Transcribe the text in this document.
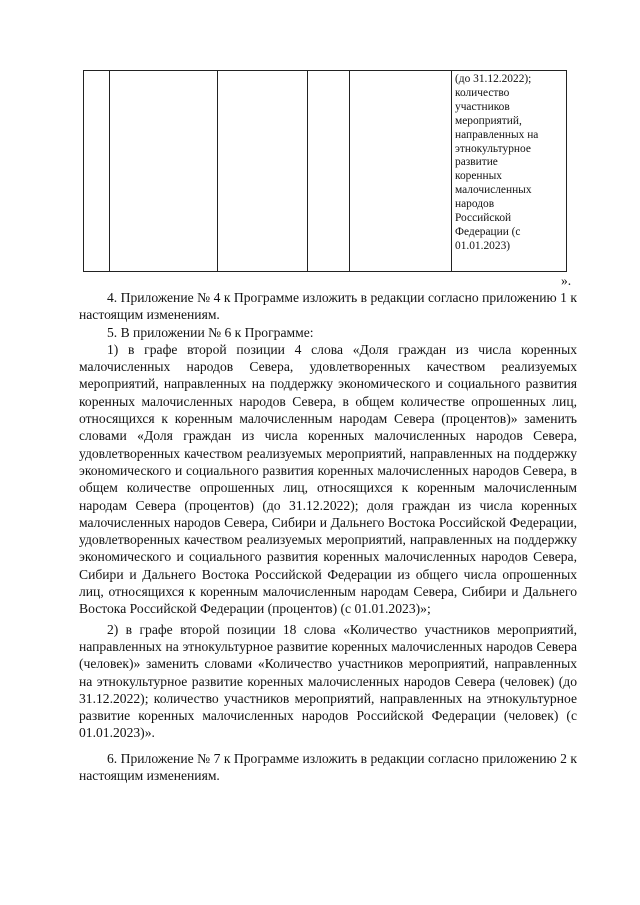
(до 31.12.2022);
количество
участников
мероприятий,
направленных на
этнокультурное
развитие
коренных
малочисленных
народов
Российской
Федерации (с
01.01.2023)
».

4. Приложение № 4 к Программе изложить в редакции согласно приложению 1 к настоящим изменениям.

5. В приложении № 6 к Программе:

1) в графе второй позиции 4 слова «Доля граждан из числа коренных малочисленных народов Севера, удовлетворенных качеством реализуемых мероприятий, направленных на поддержку экономического и социального развития коренных малочисленных народов Севера, в общем количестве опрошенных лиц, относящихся к коренным малочисленным народам Севера (процентов)» заменить словами «Доля граждан из числа коренных малочисленных народов Севера, удовлетворенных качеством реализуемых мероприятий, направленных на поддержку экономического и социального развития коренных малочисленных народов Севера, в общем количестве опрошенных лиц, относящихся к коренным малочисленным народам Севера (процентов) (до 31.12.2022); доля граждан из числа коренных малочисленных народов Севера, Сибири и Дальнего Востока Российской Федерации, удовлетворенных качеством реализуемых мероприятий, направленных на поддержку экономического и социального развития коренных малочисленных народов Севера, Сибири и Дальнего Востока Российской Федерации из общего числа опрошенных лиц, относящихся к коренным малочисленным народам Севера, Сибири и Дальнего Востока Российской Федерации (процентов) (с 01.01.2023)»;

2) в графе второй позиции 18 слова «Количество участников мероприятий, направленных на этнокультурное развитие коренных малочисленных народов Севера (человек)» заменить словами «Количество участников мероприятий, направленных на этнокультурное развитие коренных малочисленных народов Севера (человек) (до 31.12.2022); количество участников мероприятий, направленных на этнокультурное развитие коренных малочисленных народов Российской Федерации (человек) (с 01.01.2023)».

6. Приложение № 7 к Программе изложить в редакции согласно приложению 2 к настоящим изменениям.
